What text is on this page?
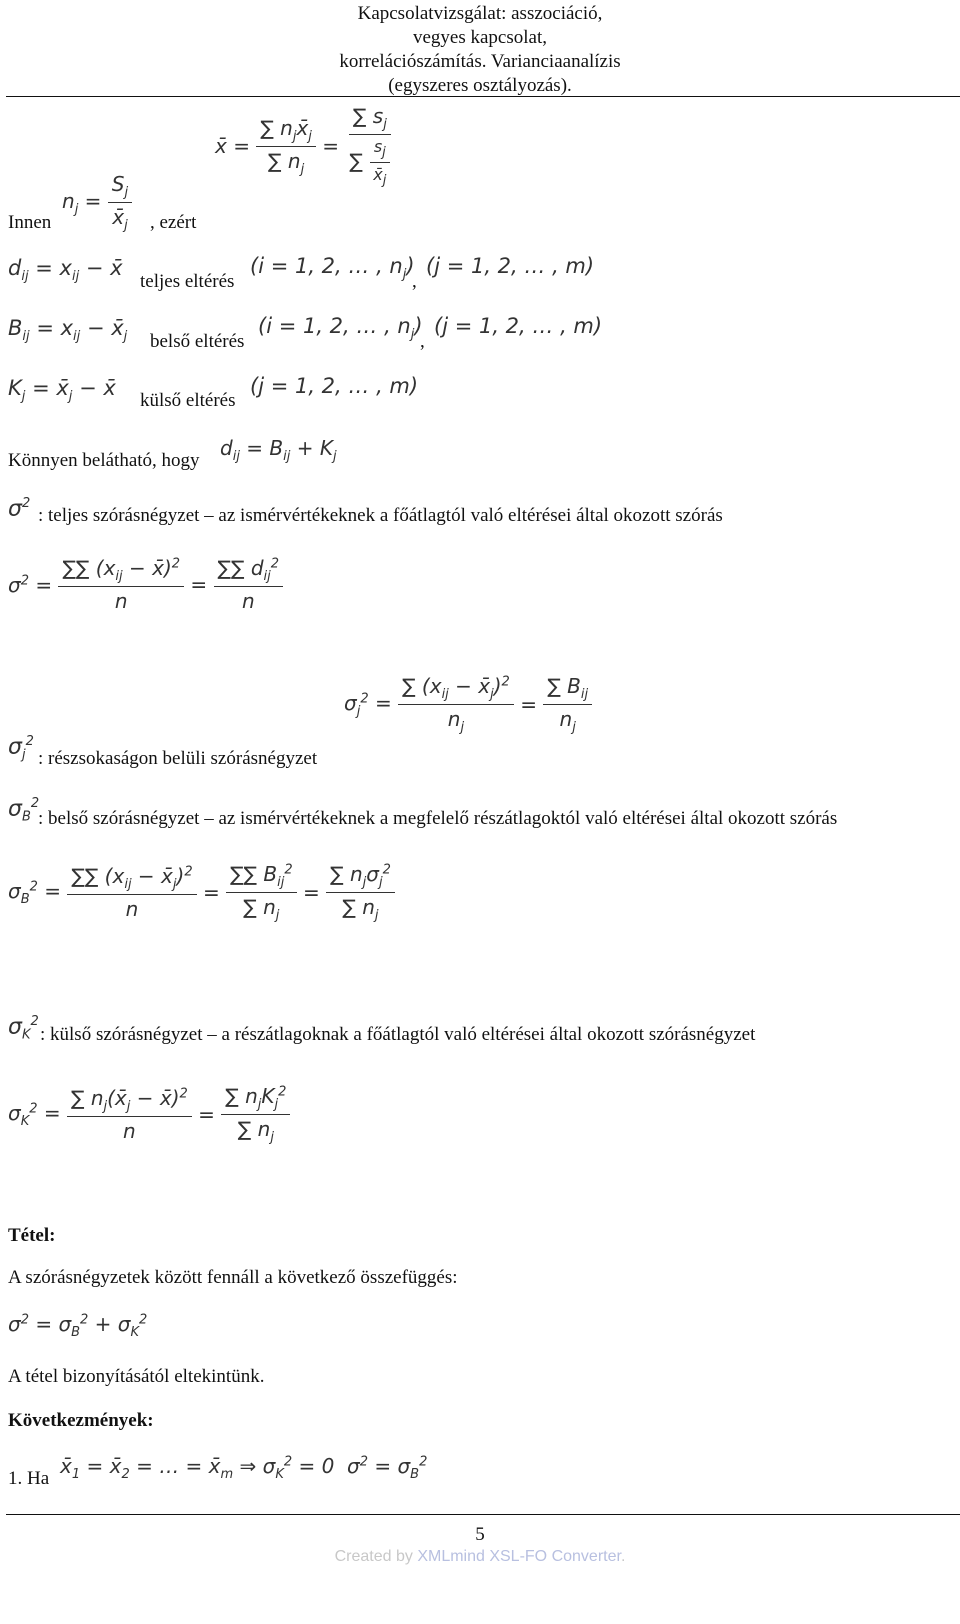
Kapcsolatvizsgálat: asszociáció,
vegyes kapcsolat,
korrelációszámítás. Varianciaanalízis
(egyszeres osztályozás).
x̄ = $\frac{\sum n_jx̄_j}{\sum n_j} = \frac{\sum s_j}{\sum \frac{s_j}{x̄_j}}$
Innen
$n_j = \frac{S_j}{x̄_j}$ , ezért
$d_{ij} = x_{ij}$ − x̄
teljes eltérés
(i = 1, 2, … , $n_j$)
,
(j = 1, 2, … , m)
$B_{ij} = x_{ij}$ − $x̄_j$ belső eltérés
(i = 1, 2, … , $n_j$)
,
(j = 1, 2, … , m)
$K_j$ = $x̄_j$ − x̄
külső eltérés
(j = 1, 2, … , m)
Könnyen belátható, hogy
$d_{ij} = B_{ij} + K_j$
$\sigma^2$
: teljes szórásnégyzet – az ismérvértékeknek a főátlagtól való eltérései által okozott szórás
$\sigma^2 = \frac{\sum\sum (x_{ij} - x̄)^2}{n} = \frac{\sum\sum d_{ij}^2}{n}$
$\sigma_j^2$
: részsokaságon belüli szórásnégyzet
$\sigma_j^2 = \frac{\sum (x_{ij} - x̄_j)^2}{n_j} = \frac{\sum B_{ij}}{n_j}$
$\sigma_B^2$
: belső szórásnégyzet – az ismérvértékeknek a megfelelő részátlagoktól való eltérései által okozott szórás
$\sigma_B^2 = \frac{\sum\sum (x_{ij} - x̄_j)^2}{n} = \frac{\sum\sum B_{ij}^2}{\sum n_j} = \frac{\sum n_j\sigma_j^2}{\sum n_j}$
$\sigma_K^2$
: külső szórásnégyzet – a részátlagoknak a főátlagtól való eltérései által okozott szórásnégyzet
$\sigma_K^2 = \frac{\sum n_j(x̄_j - x̄)^2}{n} = \frac{\sum n_jK_j^2}{\sum n_j}$
Tétel:
A szórásnégyzetek között fennáll a következő összefüggés:
$\sigma^2 = \sigma_B^2 + \sigma_K^2$
A tétel bizonyításától eltekintünk.
Következmények:
1. Ha
$x̄_1$ = $x̄_2$ = … = $x̄_m$ ⇒ $\sigma_K^2 = 0$  $\sigma^2 = \sigma_B^2$
5
Created by XMLmind XSL-FO Converter.
